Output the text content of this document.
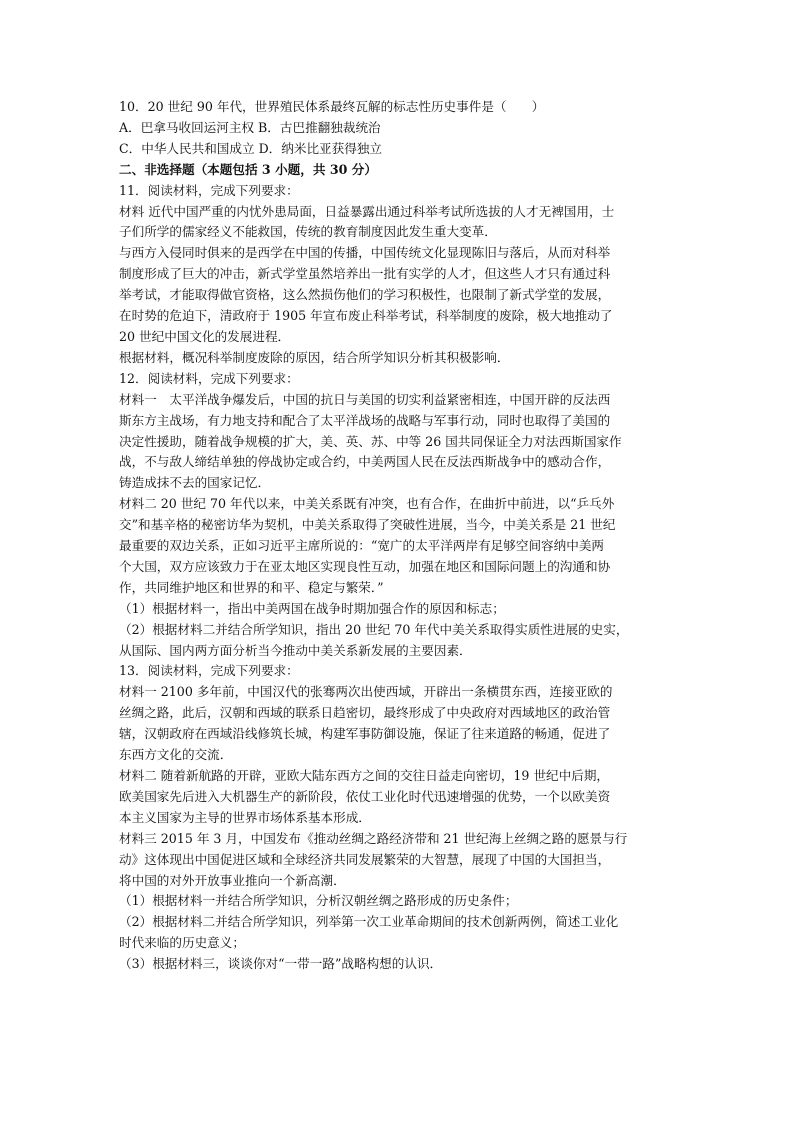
10．20 世纪 90 年代，世界殖民体系最终瓦解的标志性历史事件是（　　）
A．巴拿马收回运河主权 B．古巴推翻独裁统治
C．中华人民共和国成立 D．纳米比亚获得独立
二、非选择题（本题包括 3 小题，共 30 分）
11．阅读材料，完成下列要求：
材料 近代中国严重的内忧外患局面，日益暴露出通过科举考试所选拔的人才无裨国用，士
子们所学的儒家经义不能救国，传统的教育制度因此发生重大变革．
与西方入侵同时俱来的是西学在中国的传播，中国传统文化显现陈旧与落后，从而对科举
制度形成了巨大的冲击，新式学堂虽然培养出一批有实学的人才，但这些人才只有通过科
举考试，才能取得做官资格，这么然损伤他们的学习积极性，也限制了新式学堂的发展，
在时势的危迫下，清政府于 1905 年宣布废止科举考试，科举制度的废除，极大地推动了
20 世纪中国文化的发展进程．
根据材料，概况科举制度废除的原因，结合所学知识分析其积极影响．
12．阅读材料，完成下列要求：
材料一　太平洋战争爆发后，中国的抗日与美国的切实利益紧密相连，中国开辟的反法西
斯东方主战场，有力地支持和配合了太平洋战场的战略与军事行动，同时也取得了美国的
决定性援助，随着战争规模的扩大，美、英、苏、中等 26 国共同保证全力对法西斯国家作
战，不与敌人缔结单独的停战协定或合约，中美两国人民在反法西斯战争中的感动合作，
铸造成抹不去的国家记忆．
材料二 20 世纪 70 年代以来，中美关系既有冲突，也有合作，在曲折中前进，以“乒乓外
交”和基辛格的秘密访华为契机，中美关系取得了突破性进展，当今，中美关系是 21 世纪
最重要的双边关系，正如习近平主席所说的：“宽广的太平洋两岸有足够空间容纳中美两
个大国，双方应该致力于在亚太地区实现良性互动，加强在地区和国际问题上的沟通和协
作，共同维护地区和世界的和平、稳定与繁荣．”
（1）根据材料一，指出中美两国在战争时期加强合作的原因和标志；
（2）根据材料二并结合所学知识，指出 20 世纪 70 年代中美关系取得实质性进展的史实，
从国际、国内两方面分析当今推动中美关系新发展的主要因素．
13．阅读材料，完成下列要求：
材料一 2100 多年前，中国汉代的张骞两次出使西域，开辟出一条横贯东西，连接亚欧的
丝绸之路，此后，汉朝和西域的联系日趋密切，最终形成了中央政府对西域地区的政治管
辖，汉朝政府在西域沿线修筑长城，构建军事防御设施，保证了往来道路的畅通，促进了
东西方文化的交流．
材料二 随着新航路的开辟，亚欧大陆东西方之间的交往日益走向密切，19 世纪中后期，
欧美国家先后进入大机器生产的新阶段，依仗工业化时代迅速增强的优势，一个以欧美资
本主义国家为主导的世界市场体系基本形成．
材料三 2015 年 3 月，中国发布《推动丝绸之路经济带和 21 世纪海上丝绸之路的愿景与行
动》这体现出中国促进区域和全球经济共同发展繁荣的大智慧，展现了中国的大国担当，
将中国的对外开放事业推向一个新高潮．
（1）根据材料一并结合所学知识，分析汉朝丝绸之路形成的历史条件；
（2）根据材料二并结合所学知识，列举第一次工业革命期间的技术创新两例，简述工业化
时代来临的历史意义；
（3）根据材料三，谈谈你对“一带一路”战略构想的认识．
